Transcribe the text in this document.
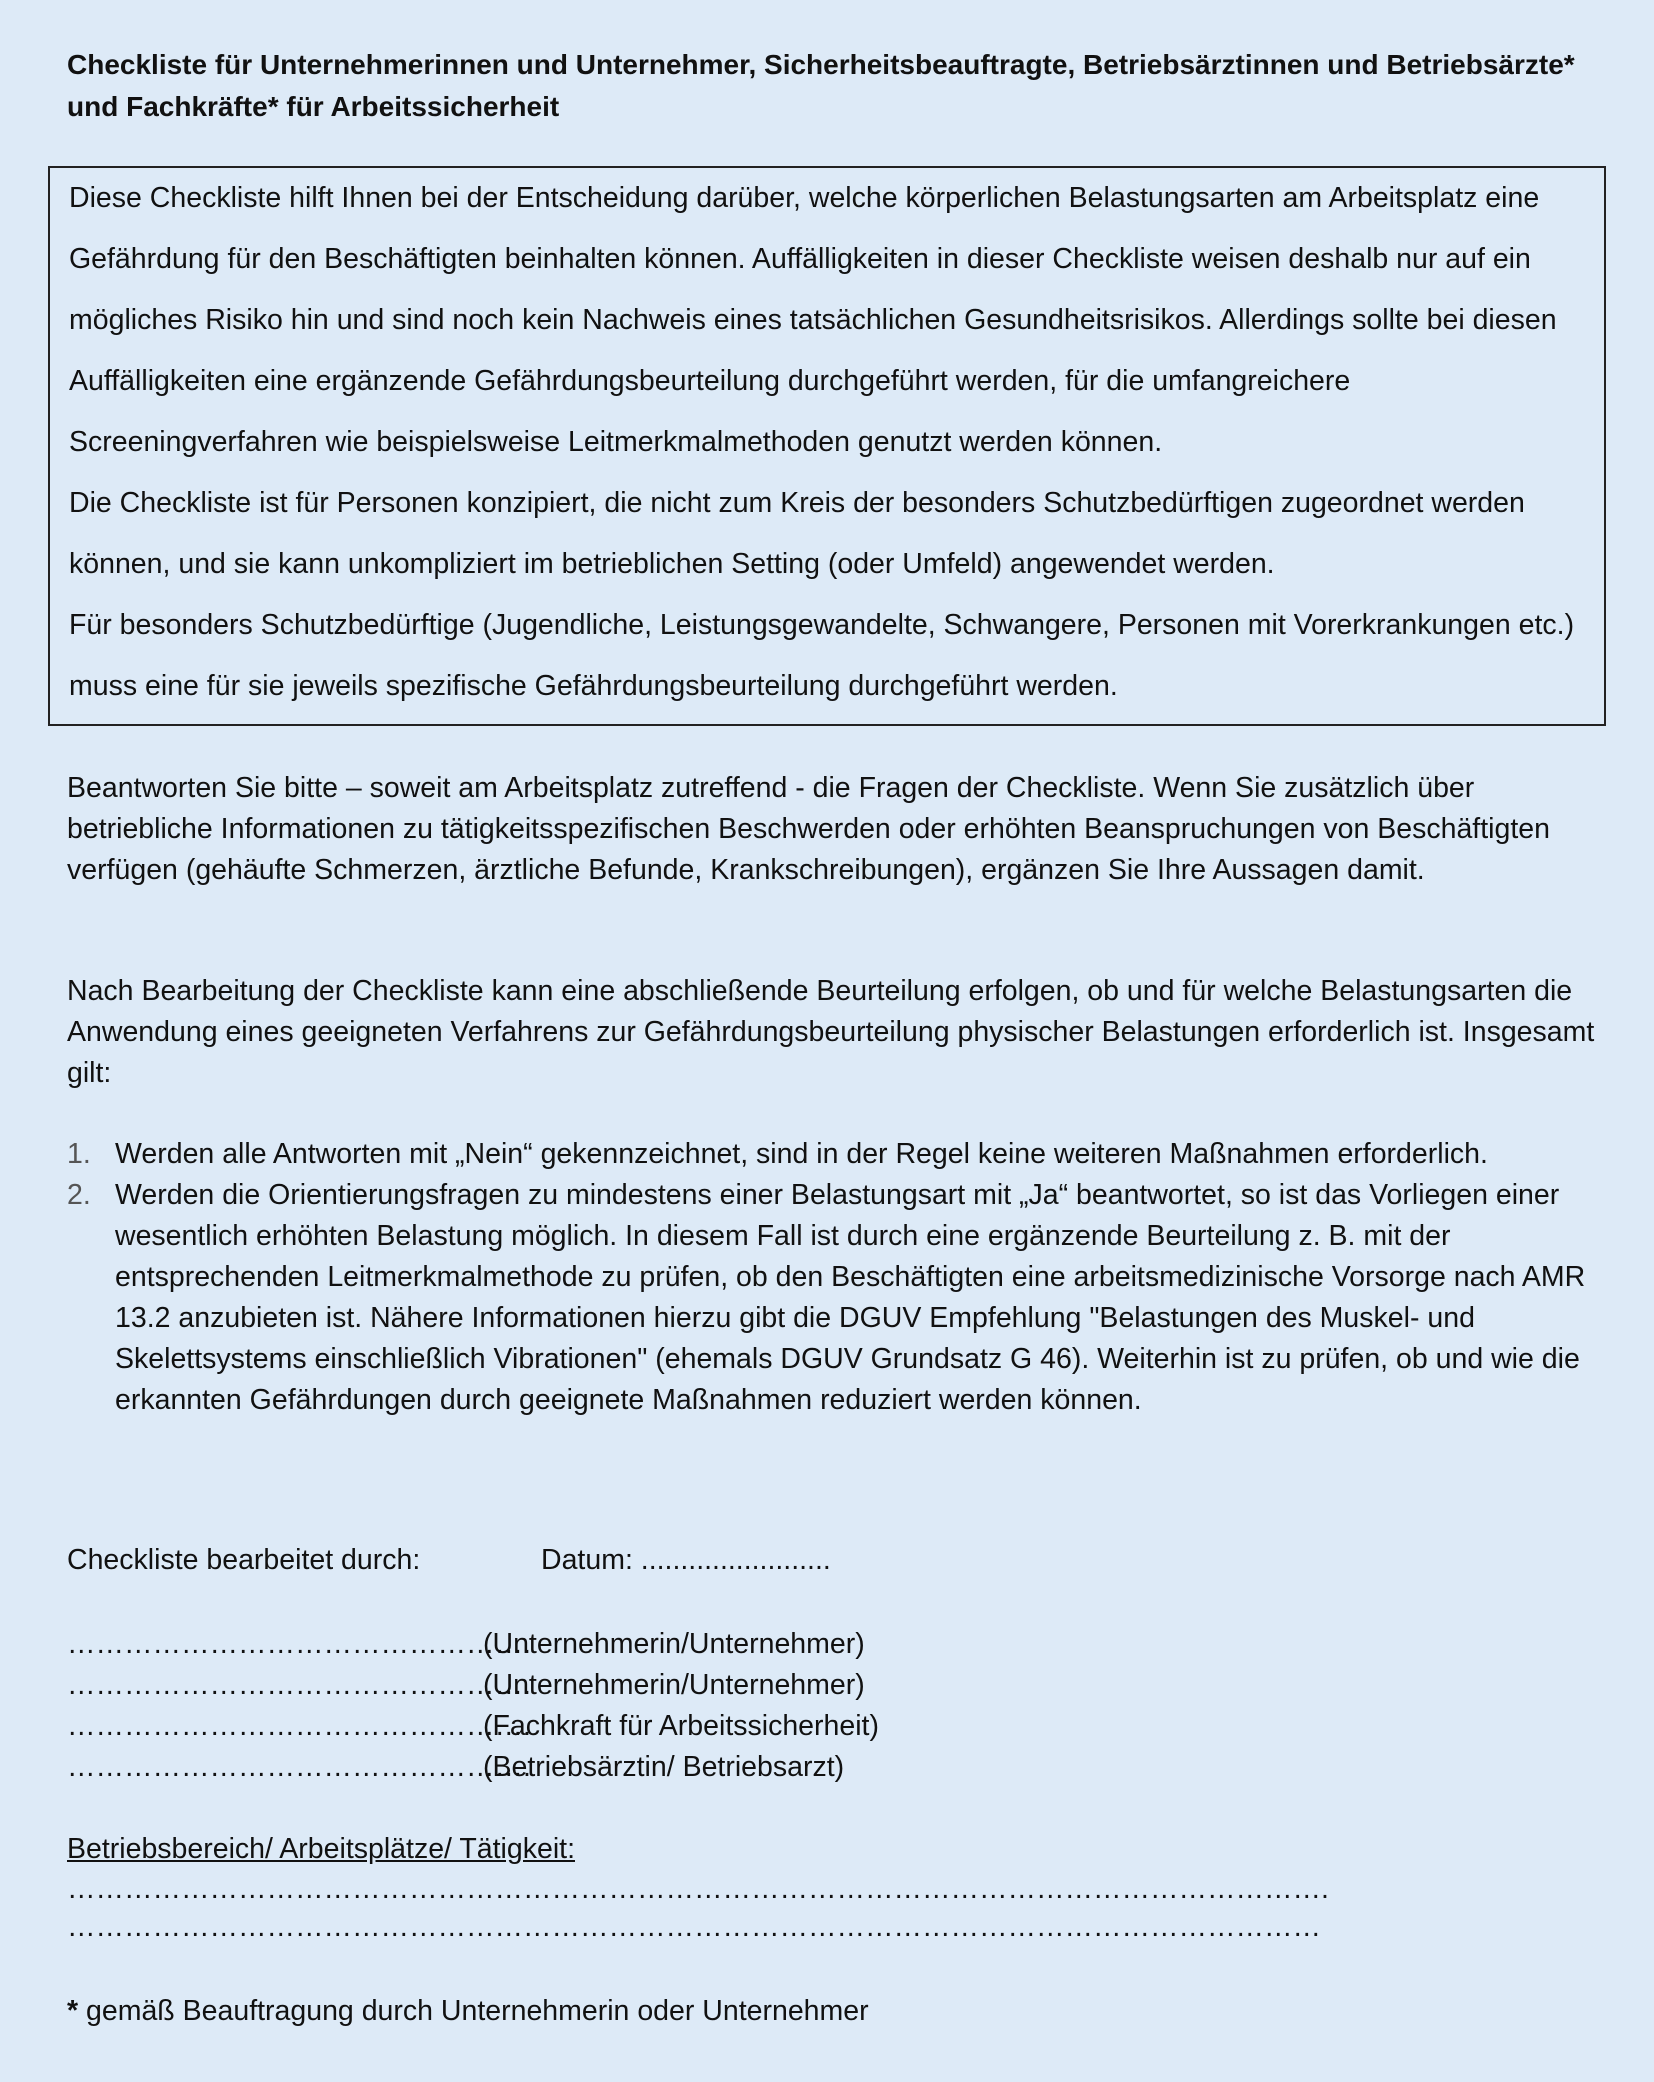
Checkliste für Unternehmerinnen und Unternehmer, Sicherheitsbeauftragte, Betriebsärztinnen und Betriebsärzte* und Fachkräfte* für Arbeitssicherheit

Diese Checkliste hilft Ihnen bei der Entscheidung darüber, welche körperlichen Belastungsarten am Arbeitsplatz eine Gefährdung für den Beschäftigten beinhalten können. Auffälligkeiten in dieser Checkliste weisen deshalb nur auf ein mögliches Risiko hin und sind noch kein Nachweis eines tatsächlichen Gesundheitsrisikos. Allerdings sollte bei diesen Auffälligkeiten eine ergänzende Gefährdungsbeurteilung durchgeführt werden, für die umfangreichere Screeningverfahren wie beispielsweise Leitmerkmalmethoden genutzt werden können.

Die Checkliste ist für Personen konzipiert, die nicht zum Kreis der besonders Schutzbedürftigen zugeordnet werden können, und sie kann unkompliziert im betrieblichen Setting (oder Umfeld) angewendet werden.

Für besonders Schutzbedürftige (Jugendliche, Leistungsgewandelte, Schwangere, Personen mit Vorerkrankungen etc.) muss eine für sie jeweils spezifische Gefährdungsbeurteilung durchgeführt werden.

Beantworten Sie bitte – soweit am Arbeitsplatz zutreffend - die Fragen der Checkliste. Wenn Sie zusätzlich über betriebliche Informationen zu tätigkeitsspezifischen Beschwerden oder erhöhten Beanspruchungen von Beschäftigten verfügen (gehäufte Schmerzen, ärztliche Befunde, Krankschreibungen), ergänzen Sie Ihre Aussagen damit.

Nach Bearbeitung der Checkliste kann eine abschließende Beurteilung erfolgen, ob und für welche Belastungsarten die Anwendung eines geeigneten Verfahrens zur Gefährdungsbeurteilung physischer Belastungen erforderlich ist. Insgesamt gilt:

1. Werden alle Antworten mit „Nein“ gekennzeichnet, sind in der Regel keine weiteren Maßnahmen erforderlich.
2. Werden die Orientierungsfragen zu mindestens einer Belastungsart mit „Ja“ beantwortet, so ist das Vorliegen einer wesentlich erhöhten Belastung möglich. In diesem Fall ist durch eine ergänzende Beurteilung z. B. mit der entsprechenden Leitmerkmalmethode zu prüfen, ob den Beschäftigten eine arbeitsmedizinische Vorsorge nach AMR 13.2 anzubieten ist. Nähere Informationen hierzu gibt die DGUV Empfehlung "Belastungen des Muskel- und Skelettsystems einschließlich Vibrationen" (ehemals DGUV Grundsatz G 46). Weiterhin ist zu prüfen, ob und wie die erkannten Gefährdungen durch geeignete Maßnahmen reduziert werden können.
Checkliste bearbeitet durch:	Datum: ........................
………………………………………….
(Unternehmerin/Unternehmer)
………………………………………….
(Unternehmerin/Unternehmer)
………………………………………….
(Fachkraft für Arbeitssicherheit)
………………………………………….
(Betriebsärztin/ Betriebsarzt)
Betriebsbereich/ Arbeitsplätze/ Tätigkeit:
…………………………………………………………………………………………………………………….
……………………………………………………………………………………………………………………
* gemäß Beauftragung durch Unternehmerin oder Unternehmer
